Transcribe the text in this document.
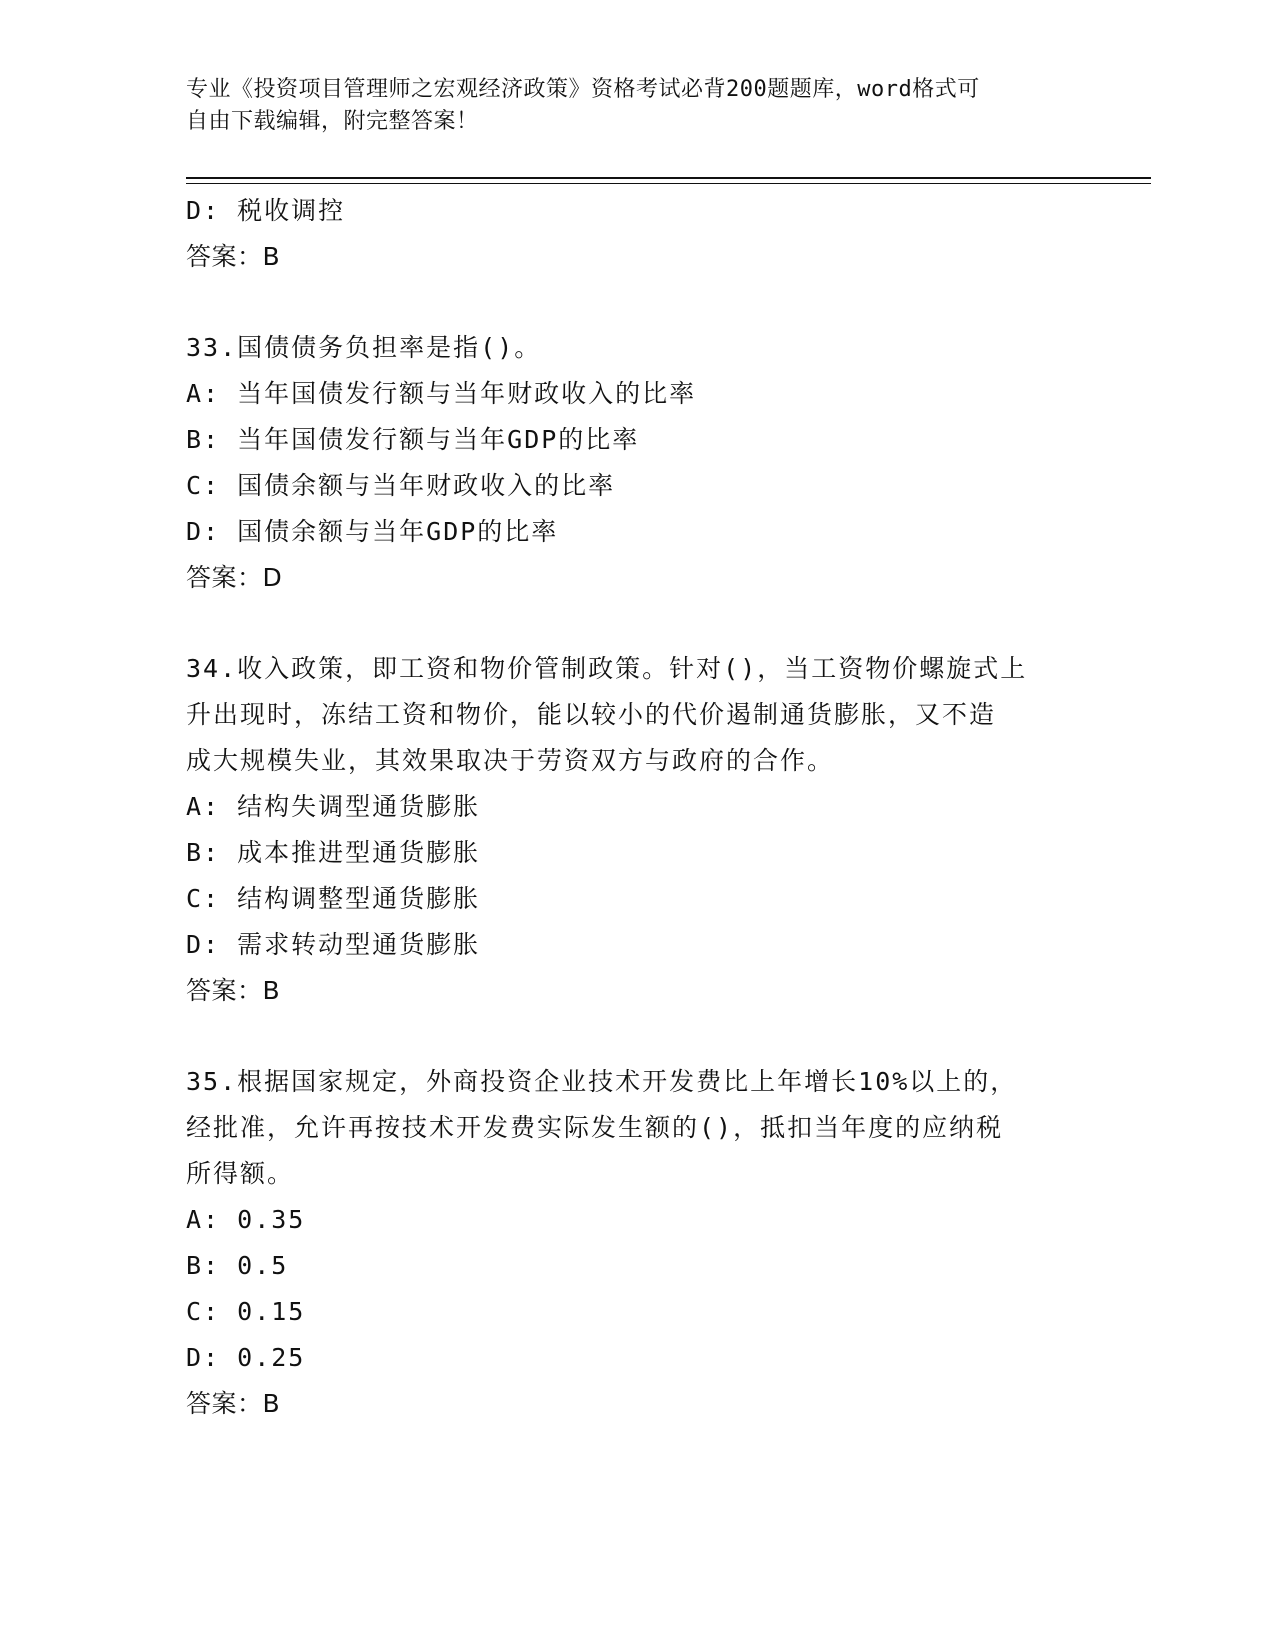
专业《投资项目管理师之宏观经济政策》资格考试必背200题题库，word格式可
自由下载编辑，附完整答案！
D: 税收调控
答案：B
33.国债债务负担率是指()。
A: 当年国债发行额与当年财政收入的比率
B: 当年国债发行额与当年GDP的比率
C: 国债余额与当年财政收入的比率
D: 国债余额与当年GDP的比率
答案：D
34.收入政策，即工资和物价管制政策。针对()，当工资物价螺旋式上
升出现时，冻结工资和物价，能以较小的代价遏制通货膨胀，又不造
成大规模失业，其效果取决于劳资双方与政府的合作。
A: 结构失调型通货膨胀
B: 成本推进型通货膨胀
C: 结构调整型通货膨胀
D: 需求转动型通货膨胀
答案：B
35.根据国家规定，外商投资企业技术开发费比上年增长10%以上的，
经批准，允许再按技术开发费实际发生额的()，抵扣当年度的应纳税
所得额。
A: 0.35
B: 0.5
C: 0.15
D: 0.25
答案：B
